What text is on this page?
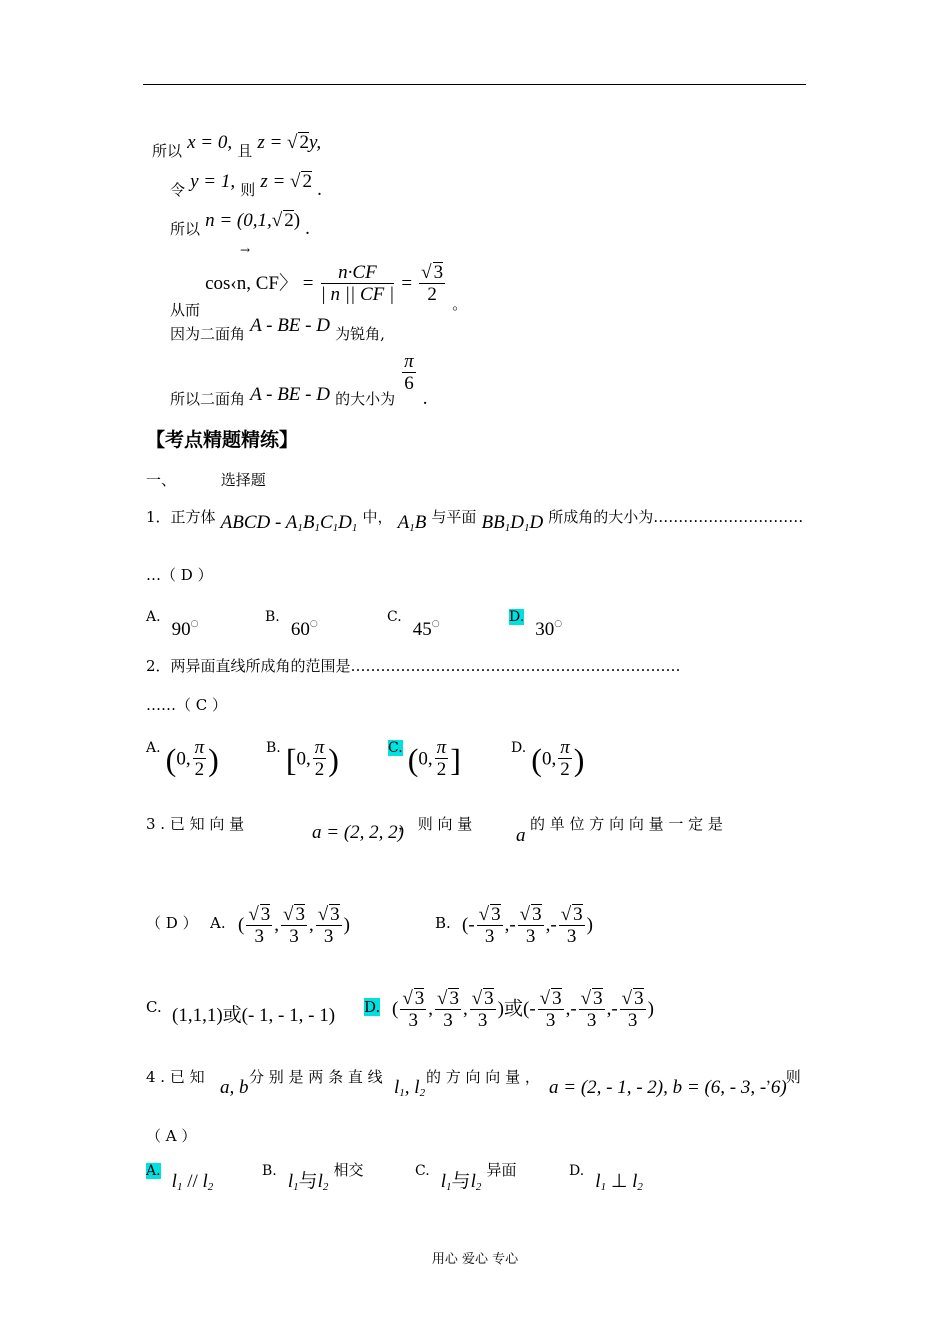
所以 x = 0, 且 z = √ 2y,
令 y = 1, 则 z = √ 2 .
所以 n = (0,1,√ 2) .
从而 cos‹n, CF〉 = $\frac{n\cdot CF}{| n || CF |} = \frac{√ 3}{2}$ 。
→
因为二面角 A - BE - D 为锐角,
所以二面角 A - BE - D 的大小为
$\frac{\pi}{6}$
.
【考点精题精练】
一、	选择题
1．正方体 ABCD - $A_1B_1C_1D_1$ 中， $A_1B$ 与平面 $BB_1D_1D$ 所成角的大小为…………………………
…（ D ）
A. $90_○$	B. $60_○$	C. $45_○$	D. $30_○$
2．两异面直线所成角的范围是…………………………………………………………
……（ C ）
A. (0, $\frac{\pi}{2}$ )	B. [0, $\frac{\pi}{2}$ )	C. (0, $\frac{\pi}{2}$ ]	D. (0, $\frac{\pi}{2}$ )
3 . 已 知 向 量	a = (2, 2, 2)
， 则 向 量
a
的 单 位 方 向 向 量 一 定 是
（ D ） A. ( $\frac{√ 3}{3}$ , $\frac{√ 3}{3}$ , $\frac{√ 3}{3}$ )	B. (- $\frac{√ 3}{3}$ ,- $\frac{√ 3}{3}$ ,- $\frac{√ 3}{3}$ )
C. (1,1,1)或(- 1, - 1, - 1) D. ( $\frac{√ 3}{3}$ , $\frac{√ 3}{3}$ , $\frac{√ 3}{3}$ )或(- $\frac{√ 3}{3}$ ,- $\frac{√ 3}{3}$ ,- $\frac{√ 3}{3}$ )
4 . 已 知 a, b 分 别 是 两 条 直 线 $l_1$, $l_2$
的 方 向 向 量 ， a = (2, - 1, - 2), b = (6, - 3, - 6)
， 则
（ A ）
A. $l_1 // l_2$
B. $l_1$与$l_2$ 相交	C. $l_1$与$l_2$ 异面	D. $l_1$ ⊥ $l_2$
用心 爱心 专心
